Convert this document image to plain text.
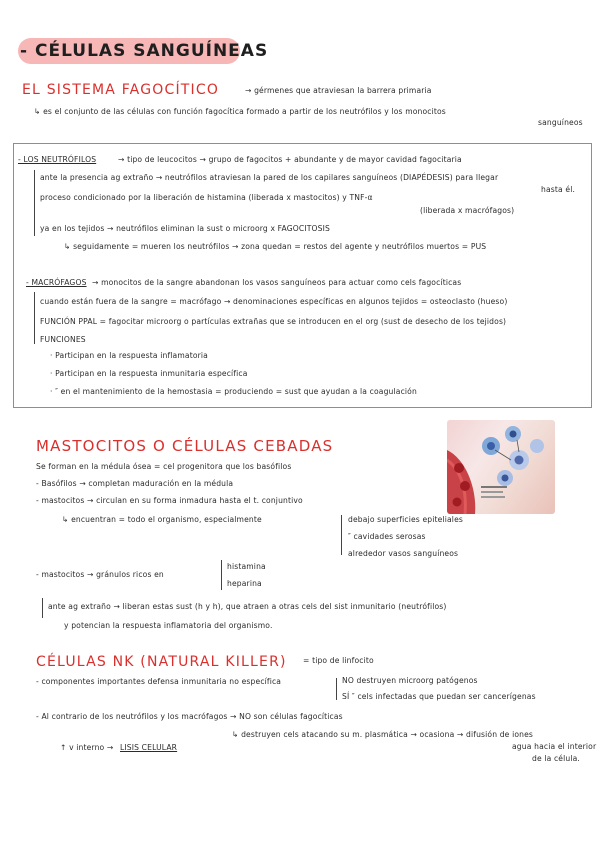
- CÉLULAS SANGUÍNEAS
EL SISTEMA FAGOCÍTICO	→ gérmenes que atraviesan la barrera primaria
↳ es el conjunto de las células con función fagocítica formado a partir de los neutrófilos y los monocitos
sanguíneos
- LOS NEUTRÓFILOS	→ tipo de leucocitos → grupo de fagocitos + abundante y de mayor cavidad fagocitaria
ante la presencia ag extraño → neutrófilos atraviesan la pared de los capilares sanguíneos (DIAPÉDESIS) para llegar
hasta él.
proceso condicionado por la liberación de histamina (liberada x mastocitos) y TNF-α
(liberada x macrófagos)
ya en los tejidos → neutrófilos eliminan la sust o microorg x FAGOCITOSIS
↳ seguidamente = mueren los neutrófilos → zona quedan = restos del agente y neutrófilos muertos = PUS
- MACRÓFAGOS → monocitos de la sangre abandonan los vasos sanguíneos para actuar como cels fagocíticas
cuando están fuera de la sangre = macrófago → denominaciones específicas en algunos tejidos = osteoclasto (hueso)
FUNCIÓN PPAL = fagocitar microorg o partículas extrañas que se introducen en el org (sust de desecho de los tejidos)
FUNCIONES
· Participan en la respuesta inflamatoria
· Participan en la respuesta inmunitaria específica
· ″ en el mantenimiento de la hemostasia = produciendo = sust que ayudan a la coagulación
MASTOCITOS O CÉLULAS CEBADAS
Se forman en la médula ósea = cel progenitora que los basófilos
- Basófilos → completan maduración en la médula
- mastocitos → circulan en su forma inmadura hasta el t. conjuntivo
↳ encuentran = todo el organismo, especialmente	debajo superficies epiteliales
″ cavidades serosas
alrededor vasos sanguíneos
- mastocitos → gránulos ricos en
histamina
heparina
ante ag extraño → liberan estas sust (h y h), que atraen a otras cels del sist inmunitario (neutrófilos)
y potencian la respuesta inflamatoria del organismo.
CÉLULAS NK (NATURAL KILLER) = tipo de linfocito
- componentes importantes defensa inmunitaria no específica	NO destruyen microorg patógenos
SÍ ″ cels infectadas que puedan ser cancerígenas
- Al contrario de los neutrófilos y los macrófagos → NO son células fagocíticas
↳ destruyen cels atacando su m. plasmática → ocasiona → difusión de iones
agua hacia el interior
de la célula.
↑ v interno → LISIS CELULAR
